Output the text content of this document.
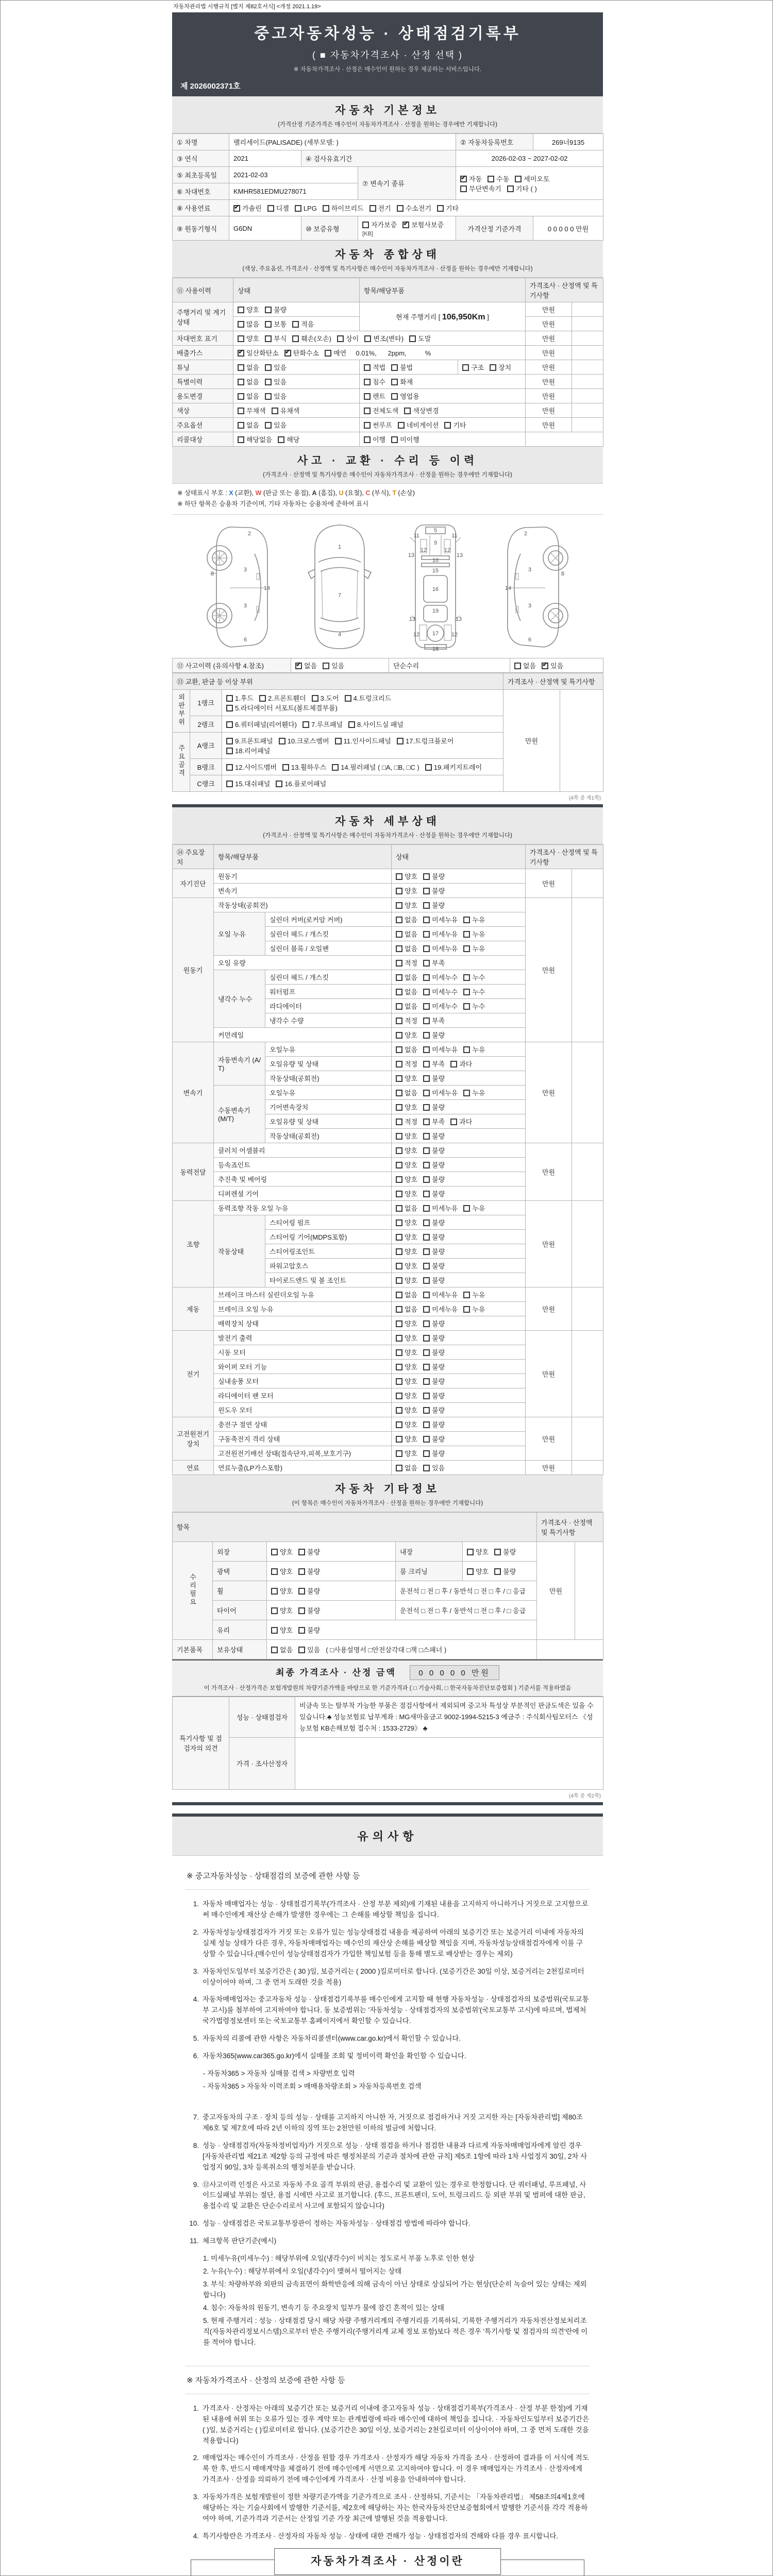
자동차관리법 시행규칙 [별지 제82호서식] <개정 2021.1.19>
중고자동차성능 · 상태점검기록부
( ■ 자동차가격조사 · 산정 선택 )
※ 자동차가격조사 · 산정은 매수인이 원하는 경우 제공하는 서비스입니다.
제 2026002371호
자동차 기본정보
(가격산정 기준가격은 매수인이 자동차가격조사 · 산정을 원하는 경우에만 기재합니다)
① 차명	팰리세이드(PALISADE) (세부모델: )			② 자동차등록번호	269너9135
③ 연식	2021	④ 검사유효기간		2026-02-03 ~ 2027-02-02	
⑤ 최초등록일	2021-02-03		⑦ 변속기 종류	✔자동 수동 세미오토
무단변속기 기타 ( )
⑥ 차대번호	KMHR581EDMU278071				
⑧ 사용연료	✔가솔린 디젤 LPG 하이브리드 전기 수소전기 기타
⑨ 원동기형식	G6DN	⑩ 보증유형	자가보증 ✔ 보험사보증[KB]	가격산정 기준가격	0 0 0 0 0 만원
자동차 종합상태
(색상, 주요옵션, 가격조사 · 산정액 및 특기사항은 매수인이 자동차가격조사 · 산정을 원하는 경우에만 기재합니다)
⑪ 사용이력	상태	항목/해당부품		가격조사 · 산정액 및 특기사항	
주행거리 및 계기상태	양호 불량	현재 주행거리 [ 106,950Km ]		만원	
	많음 보통 적음			만원	
차대번호 표기	양호 부식 훼손(오손) 상이 변조(변타) 도말			만원	
배출가스	✔일산화탄소 ✔ 탄화수소 매연  0.01%,      2ppm,          %			만원	
튜닝	없음 있음	적법 불법	구조 장치	만원	
특별이력	없음 있음	침수 화재		만원	
용도변경	없음 있음	렌트 영업용		만원	
색상	무채색 유채색	전체도색 색상변경		만원	
주요옵션	없음 있음	썬루프 네비게이션 기타		만원	
리콜대상	해당없음 해당	이행 미이행			
사고 · 교환 · 수리 등 이력
(가격조사 · 산정액 및 특기사항은 매수인이 자동차가격조사 · 산정을 원하는 경우에만 기재합니다)
※ 상태표시 부호 : X (교환), W (판금 또는 용접), A (흠집), U (요철), C (부식), T (손상)
※ 하단 항목은 승용차 기준이며, 기타 자동차는 승용차에 준하여 표시
2
8
3
14
3
6
1
7
4
5
9
11	11
12	12
13	13
10
15
16
13	13
19
12	12
17
18
2
8
3
14
3
6
⑫ 사고이력 (유의사항 4.참조)	✔없음 있음	단순수리	없음 ✔ 있음
⑬ 교환, 판금 등 이상 부위			가격조사 · 산정액 및 특기사항	
외판부위	1랭크	1.후드 2.프론트휀더 3.도어 4.트렁크리드5.라디에이터 서포트(볼트체결부품)	만원	
	2랭크	6.쿼터패널(리어휀다) 7.루프패널 8.사이드실 패널		
주요골격	A랭크	9.프론트패널 10.크로스멤버 11.인사이드패널 17.트렁크플로어18.리어패널		
	B랭크	12.사이드멤버 13.휠하우스 14.필러패널 ( □A, □B, □C ) 19.패키지트레이		
	C랭크	15.대쉬패널 16.플로어패널		
(4쪽 중 제1쪽)
자동차 세부상태
(가격조사 · 산정액 및 특기사항은 매수인이 자동차가격조사 · 산정을 원하는 경우에만 기재합니다)
⑭ 주요장치	항목/해당부품		상태	가격조사 · 산정액 및 특기사항	
자기진단	원동기		양호 불량	만원	
	변속기		양호 불량		
원동기	작동상태(공회전)		양호 불량	만원	
	오일 누유	실린더 커버(로커암 커버)	없음 미세누유 누유		
		실린더 헤드 / 개스킷	없음 미세누유 누유		
		실린더 블록 / 오일팬	없음 미세누유 누유		
	오일 유량		적정 부족		
	냉각수 누수	실린더 헤드 / 개스킷	없음 미세누수 누수		
		워터펌프	없음 미세누수 누수		
		라디에이터	없음 미세누수 누수		
		냉각수 수량	적정 부족		
	커먼레일		양호 불량		
변속기	자동변속기 (A/T)	오일누유	없음 미세누유 누유	만원	
		오일유량 및 상태	적정 부족 과다		
		작동상태(공회전)	양호 불량		
	수동변속기 (M/T)	오일누유	없음 미세누유 누유		
		기어변속장치	양호 불량		
		오일유량 및 상태	적정 부족 과다		
		작동상태(공회전)	양호 불량		
동력전달	클러치 어셈블리		양호 불량	만원	
	등속죠인트		양호 불량		
	추진축 및 베어링		양호 불량		
	디퍼렌셜 기어		양호 불량		
조향	동력조향 작동 오일 누유		없음 미세누유 누유	만원	
	작동상태	스티어링 펌프	양호 불량		
		스티어링 기어(MDPS포함)	양호 불량		
		스티어링조인트	양호 불량		
		파워고압호스	양호 불량		
		타이로드엔드 및 볼 조인트	양호 불량		
제동	브레이크 마스터 실린더오일 누유		없음 미세누유 누유	만원	
	브레이크 오일 누유		없음 미세누유 누유		
	배력장치 상태		양호 불량		
전기	발전기 출력		양호 불량	만원	
	시동 모터		양호 불량		
	와이퍼 모터 기능		양호 불량		
	실내송풍 모터		양호 불량		
	라디에이터 팬 모터		양호 불량		
	윈도우 모터		양호 불량		
고전원전기장치	충전구 절연 상태		양호 불량	만원	
	구동축전지 격리 상태		양호 불량		
	고전원전기배선 상태(접속단자,피복,보호기구)		양호 불량		
연료	연료누출(LP가스포함)		없음 있음	만원	
자동차 기타정보
(이 항목은 매수인이 자동차가격조사 · 산정을 원하는 경우에만 기재합니다)
항목					가격조사 · 산정액 및 특기사항	
수리필요	외장	양호 불량	내장	양호 불량	만원	
	광택	양호 불량	룸 크리닝	양호 불량		
	휠	양호 불량	운전석 □ 전 □ 후 / 동반석 □ 전 □ 후 / □ 응급			
	타이어	양호 불량	운전석 □ 전 □ 후 / 동반석 □ 전 □ 후 / □ 응급			
	유리	양호 불량				
기본품목	보유상태	없음 있음 ( □사용설명서 □안전삼각대 □잭 □스패너 )				
최종 가격조사 · 산정 금액	0 0 0 0 0 만원
이 가격조사 · 산정가격은 보험개발원의 차량기준가액을 바탕으로 한 기준가격과 ( □ 기술사회, □ 한국자동차진단보증협회 ) 기준서를 적용하였음
특기사항 및 점검자의 의견	성능 · 상태점검자	비금속 또는 탈부착 가능한 부품은 점검사항에서 제외되며 중고차 특성상 부분적인 판금도색은 있을 수 있습니다.♣ 성능보험료 납부계좌 : MG새마을금고 9002-1994-5215-3 예금주 : 주식회사팀모터스 《성능보험 KB손해보험 접수처 : 1533-2729》 ♣
	가격 · 조사산정자	
(4쪽 중 제2쪽)
유의사항
※ 중고자동차성능 · 상태점검의 보증에 관한 사항 등
1. 자동차 매매업자는 성능 · 상태점검기록부(가격조사 · 산정 부분 제외)에 기재된 내용을 고지하지 아니하거나 거짓으로 고지함으로써 매수인에게 재산상 손해가 발생한 경우에는 그 손해를 배상할 책임을 집니다.
2. 자동차성능상태점검자가 거짓 또는 오류가 있는 성능상태점검 내용을 제공하여 아래의 보증기간 또는 보증거리 이내에 자동차의 실제 성능 상태가 다른 경우, 자동차매매업자는 매수인의 재산상 손해를 배상할 책임을 지며, 자동차성능상태점검자에게 이를 구상할 수 있습니다.(매수인이 성능상태점검자가 가입한 책임보험 등을 통해 별도로 배상받는 경우는 제외)
3. 자동차인도일부터 보증기간은 ( 30 )일, 보증거리는 ( 2000 )킬로미터로 합니다. (보증기간은 30일 이상, 보증거리는 2천킬로미터 이상이어야 하며, 그 중 먼저 도래한 것을 적용)
4. 자동차매매업자는 중고자동차 성능 · 상태점검기록부를 매수인에게 고지할 때 현행 자동차성능 · 상태점검자의 보증범위(국토교통부 고시)를 첨부하여 고지하여야 합니다. 동 보증범위는 '자동차성능 · 상태점검자의 보증범위'(국토교통부 고시)에 따르며, 법제처 국가법령정보센터 또는 국토교통부 홈페이지에서 확인할 수 있습니다.
5. 자동차의 리콜에 관한 사항은 자동차리콜센터(www.car.go.kr)에서 확인할 수 있습니다.
6. 자동차365(www.car365.go.kr)에서 실매물 조회 및 정비이력 확인을 확인할 수 있습니다.
- 자동차365 > 자동차 실매물 검색 > 차량번호 입력
- 자동차365 > 자동차 이력조회 > 매매용차량조회 > 자동차등록번호 검색
7. 중고자동차의 구조 · 장치 등의 성능 · 상태를 고지하지 아니한 자, 거짓으로 점검하거나 거짓 고지한 자는 [자동차관리법] 제80조 제6호 및 제7호에 따라 2년 이하의 징역 또는 2천만원 이하의 벌금에 처합니다.
8. 성능 · 상태점검자(자동차정비업자)가 거짓으로 성능 · 상태 점검을 하거나 점검한 내용과 다르게 자동차매매업자에게 알린 경우 [자동차관리법 제21조 제2항 등의 규정에 따른 행정처분의 기준과 절차에 관한 규칙] 제5조 1항에 따라 1차 사업정지 30일, 2차 사업정지 90일, 3차 등록취소의 행정처분을 받습니다.
9. ⑫사고이력 인정은 사고로 자동차 주요 골격 부위의 판금, 용접수리 및 교환이 있는 경우로 한정합니다. 단 쿼터패널, 루프패널, 사이드실패널 부위는 절단, 용접 시에만 사고로 표기합니다. (후드, 프론트펜더, 도어, 트렁크리드 등 외판 부위 및 범퍼에 대한 판금, 용접수리 및 교환은 단순수리로서 사고에 포함되지 않습니다)
10. 성능 · 상태점검은 국토교통부장관이 정하는 자동차성능 · 상태점검 방법에 따라야 합니다.
11. 체크항목 판단기준(예시)
1. 미세누유(미세누수) : 해당부위에 오일(냉각수)이 비치는 정도로서 부품 노후로 인한 현상
2. 누유(누수) : 해당부위에서 오일(냉각수)이 맺혀서 떨어지는 상태
3. 부식: 차량하부와 외판의 금속표면이 화학반응에 의해 금속이 아닌 상태로 상실되어 가는 현상(단순히 녹슬어 있는 상태는 제외합니다)
4. 침수: 자동차의 원동기, 변속기 등 주요장치 일부가 물에 잠긴 흔적이 있는 상태
5. 현재 주행거리 : 성능 · 상태점검 당시 해당 차량 주행거리계의 주행거리를 기록하되, 기록한 주행거리가 자동차전산정보처리조직(자동차관리정보시스템)으로부터 받은 주행거리(주행거리계 교체 정보 포함)보다 적은 경우 '특기사항 및 점검자의 의견'란에 이를 적어야 합니다.
※ 자동차가격조사 · 산정의 보증에 관한 사항 등
1. 가격조사 · 산정자는 아래의 보증기간 또는 보증거리 이내에 중고자동차 성능 · 상태점검기록부(가격조사 · 산정 부분 한정)에 기재된 내용에 허위 또는 오류가 있는 경우 계약 또는 관계법령에 따라 매수인에 대하여 책임을 집니다. · 자동차인도일부터 보증기간은 ( )일, 보증거리는 ( )킬로미터로 합니다. (보증기간은 30일 이상, 보증거리는 2천킬로미터 이상이어야 하며, 그 중 먼저 도래한 것을 적용합니다)
2. 매매업자는 매수인이 가격조사 · 산정을 원할 경우 가격조사 · 산정자가 해당 자동차 가격을 조사 · 산정하여 결과를 이 서식에 적도록 한 후, 반드시 매매계약을 체결하기 전에 매수인에게 서면으로 고지하여야 합니다. 이 경우 매매업자는 가격조사 · 산정자에게 가격조사 · 산정을 의뢰하기 전에 매수인에게 가격조사 · 산정 비용을 안내하여야 합니다.
3. 자동차가격은 보험개발원이 정한 차량기준가액을 기준가격으로 조사 · 산정하되, 기준서는 「자동차관리법」 제58조의4제1호에 해당하는 자는 기술사회에서 발행한 기준서를, 제2호에 해당하는 자는 한국자동차진단보증협회에서 발행한 기준서를 각각 적용하여야 하며, 기준가격과 기준서는 산정일 기준 가장 최근에 발행된 것을 적용합니다.
4. 특기사항란은 가격조사 · 산정자의 자동차 성능 · 상태에 대한 견해가 성능 · 상태점검자의 견해와 다를 경우 표시합니다.
자동차가격조사 · 산정이란
